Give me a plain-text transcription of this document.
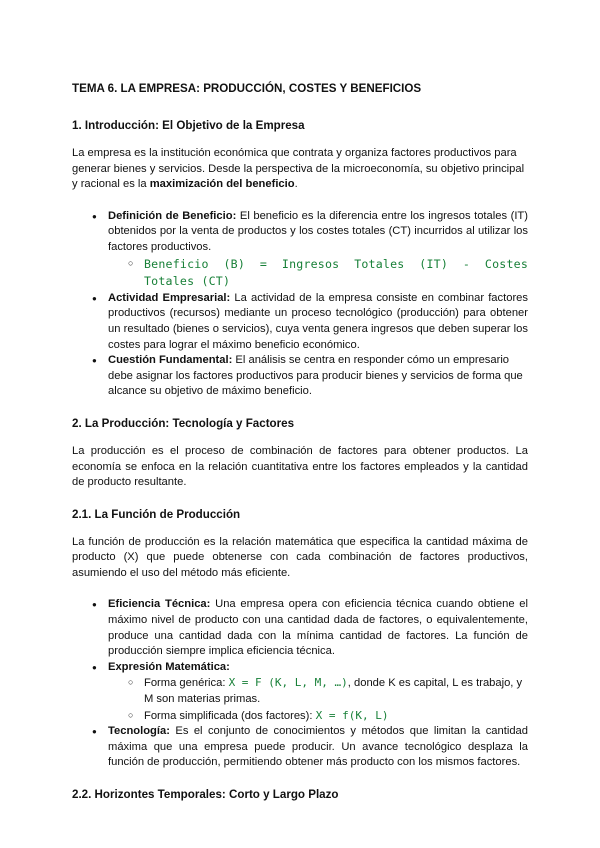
TEMA 6. LA EMPRESA: PRODUCCIÓN, COSTES Y BENEFICIOS
1. Introducción: El Objetivo de la Empresa

La empresa es la institución económica que contrata y organiza factores productivos para generar bienes y servicios. Desde la perspectiva de la microeconomía, su objetivo principal y racional es la maximización del beneficio.

● Definición de Beneficio: El beneficio es la diferencia entre los ingresos totales (IT) obtenidos por la venta de productos y los costes totales (CT) incurridos al utilizar los factores productivos.
○ Beneficio (B) = Ingresos Totales (IT) - Costes Totales (CT)
● Actividad Empresarial: La actividad de la empresa consiste en combinar factores productivos (recursos) mediante un proceso tecnológico (producción) para obtener un resultado (bienes o servicios), cuya venta genera ingresos que deben superar los costes para lograr el máximo beneficio económico.
● Cuestión Fundamental: El análisis se centra en responder cómo un empresario debe asignar los factores productivos para producir bienes y servicios de forma que alcance su objetivo de máximo beneficio.
2. La Producción: Tecnología y Factores

La producción es el proceso de combinación de factores para obtener productos. La economía se enfoca en la relación cuantitativa entre los factores empleados y la cantidad de producto resultante.

2.1. La Función de Producción

La función de producción es la relación matemática que especifica la cantidad máxima de producto (X) que puede obtenerse con cada combinación de factores productivos, asumiendo el uso del método más eficiente.

● Eficiencia Técnica: Una empresa opera con eficiencia técnica cuando obtiene el máximo nivel de producto con una cantidad dada de factores, o equivalentemente, produce una cantidad dada con la mínima cantidad de factores. La función de producción siempre implica eficiencia técnica.
● Expresión Matemática:
○ Forma genérica: X = F (K, L, M, …), donde K es capital, L es trabajo, y M son materias primas.
○ Forma simplificada (dos factores): X = f(K, L)
● Tecnología: Es el conjunto de conocimientos y métodos que limitan la cantidad máxima que una empresa puede producir. Un avance tecnológico desplaza la función de producción, permitiendo obtener más producto con los mismos factores.
2.2. Horizontes Temporales: Corto y Largo Plazo
